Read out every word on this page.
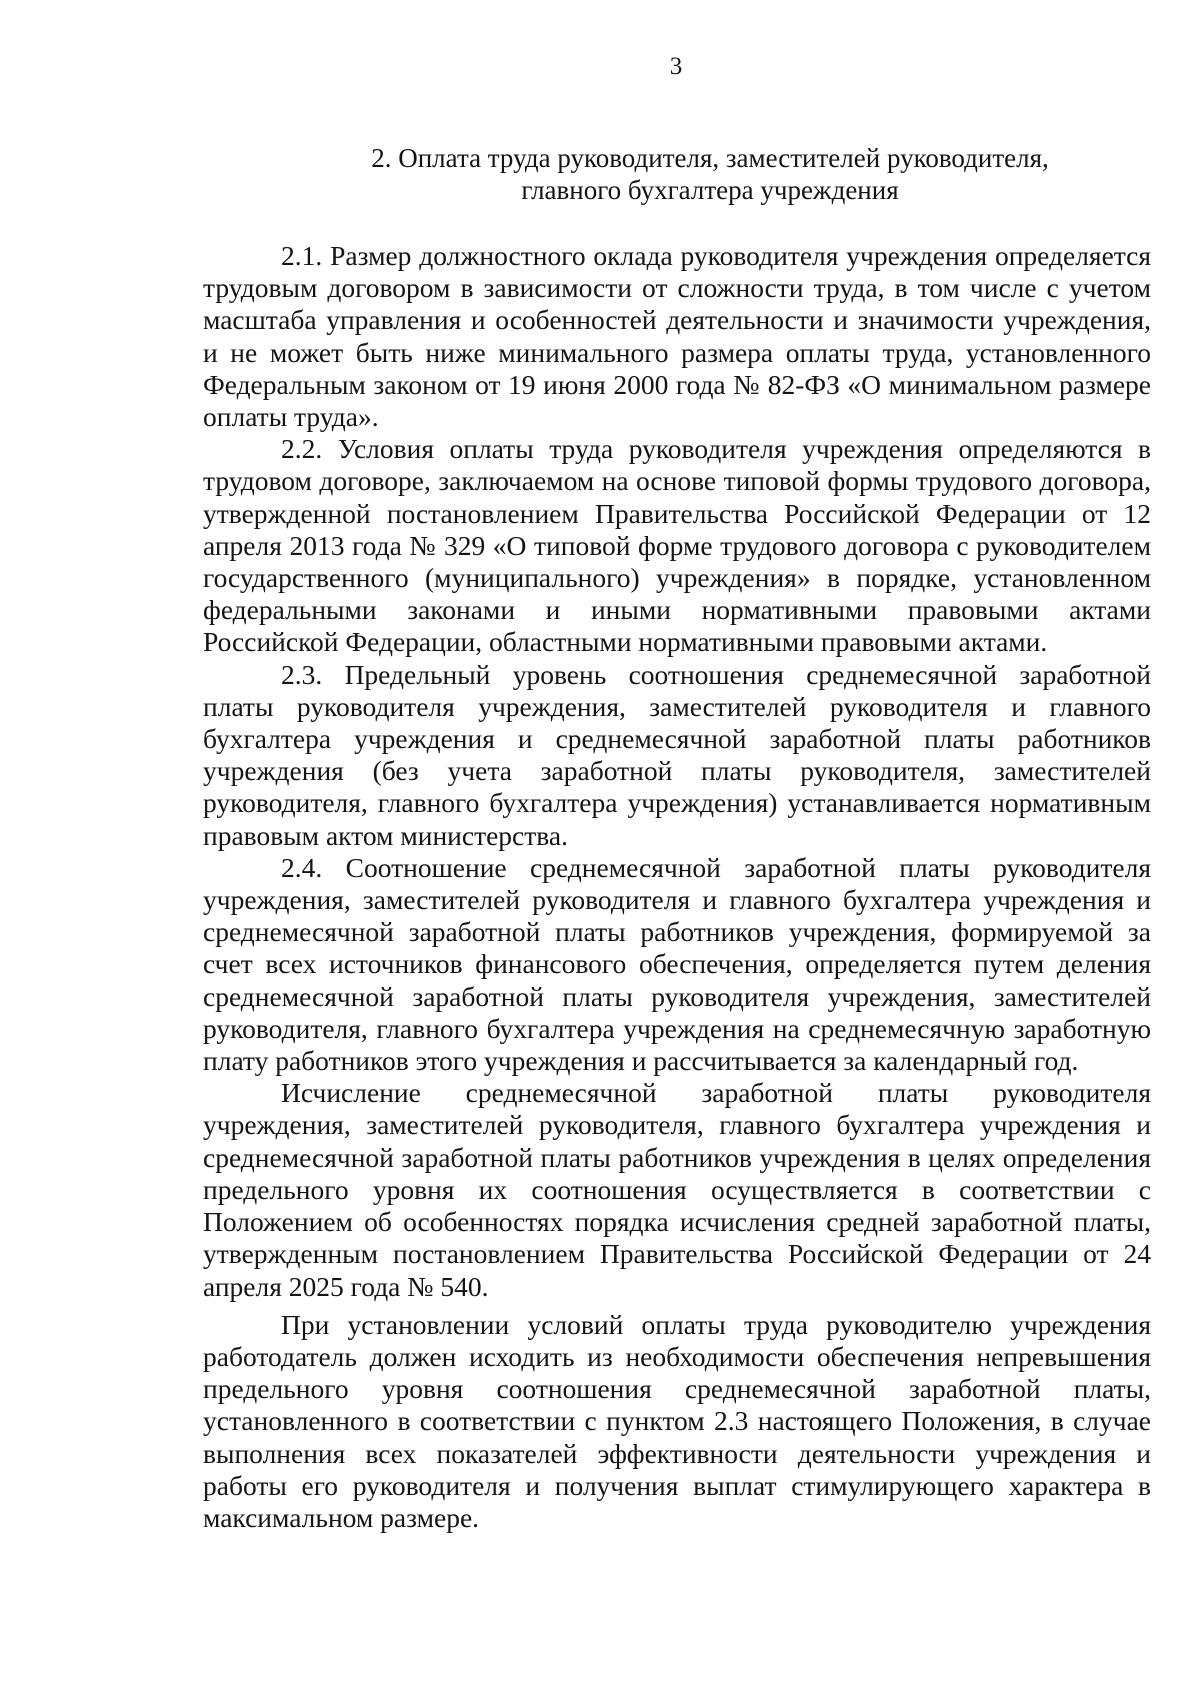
3
2. Оплата труда руководителя, заместителей руководителя,
главного бухгалтера учреждения

2.1. Размер должностного оклада руководителя учреждения определяется трудовым договором в зависимости от сложности труда, в том числе с учетом масштаба управления и особенностей деятельности и значимости учреждения, и не может быть ниже минимального размера оплаты труда, установленного Федеральным законом от 19 июня 2000 года № 82-ФЗ «О минимальном размере оплаты труда».

2.2. Условия оплаты труда руководителя учреждения определяются в трудовом договоре, заключаемом на основе типовой формы трудового договора, утвержденной постановлением Правительства Российской Федерации от 12 апреля 2013 года № 329 «О типовой форме трудового договора с руководителем государственного (муниципального) учреждения» в порядке, установленном федеральными законами и иными нормативными правовыми актами Российской Федерации, областными нормативными правовыми актами.

2.3. Предельный уровень соотношения среднемесячной заработной платы руководителя учреждения, заместителей руководителя и главного бухгалтера учреждения и среднемесячной заработной платы работников учреждения (без учета заработной платы руководителя, заместителей руководителя, главного бухгалтера учреждения) устанавливается нормативным правовым актом министерства.

2.4. Соотношение среднемесячной заработной платы руководителя учреждения, заместителей руководителя и главного бухгалтера учреждения и среднемесячной заработной платы работников учреждения, формируемой за счет всех источников финансового обеспечения, определяется путем деления среднемесячной заработной платы руководителя учреждения, заместителей руководителя, главного бухгалтера учреждения на среднемесячную заработную плату работников этого учреждения и рассчитывается за календарный год.

Исчисление среднемесячной заработной платы руководителя учреждения, заместителей руководителя, главного бухгалтера учреждения и среднемесячной заработной платы работников учреждения в целях определения предельного уровня их соотношения осуществляется в соответствии с Положением об особенностях порядка исчисления средней заработной платы, утвержденным постановлением Правительства Российской Федерации от 24 апреля 2025 года № 540.

При установлении условий оплаты труда руководителю учреждения работодатель должен исходить из необходимости обеспечения непревышения предельного уровня соотношения среднемесячной заработной платы, установленного в соответствии с пунктом 2.3 настоящего Положения, в случае выполнения всех показателей эффективности деятельности учреждения и работы его руководителя и получения выплат стимулирующего характера в максимальном размере.
